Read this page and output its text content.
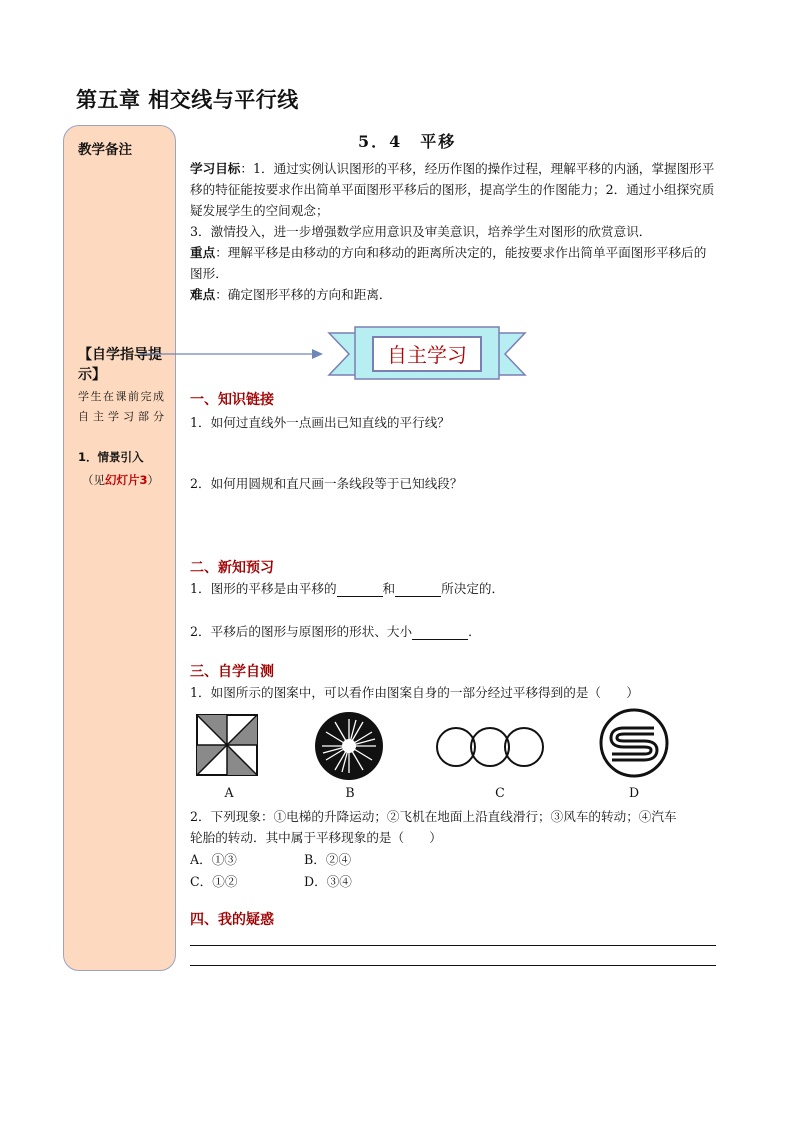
第五章 相交线与平行线
教学备注
【自学指导提示】
学生在课前完成自主学习部分
1．情景引入
（见幻灯片3）
5．4　平移
学习目标：1．通过实例认识图形的平移，经历作图的操作过程，理解平移的内涵，掌握图形平移的特征能按要求作出简单平面图形平移后的图形，提高学生的作图能力；2．通过小组探究质疑发展学生的空间观念；
3．激情投入，进一步增强数学应用意识及审美意识，培养学生对图形的欣赏意识．
重点：理解平移是由移动的方向和移动的距离所决定的，能按要求作出简单平面图形平移后的图形．
难点：确定图形平移的方向和距离．
自主学习
一、知识链接
1．如何过直线外一点画出已知直线的平行线？
2．如何用圆规和直尺画一条线段等于已知线段？
二、新知预习
1．图形的平移是由平移的	和	所决定的．
2．平移后的图形与原图形的形状、大小	．
三、自学自测
1．如图所示的图案中，可以看作由图案自身的一部分经过平移得到的是（　　）
A	B	C	D
2．下列现象：①电梯的升降运动；②飞机在地面上沿直线滑行；③风车的转动；④汽车
轮胎的转动．其中属于平移现象的是（　　）
A．①③	B．②④
C．①②	D．③④
四、我的疑惑
